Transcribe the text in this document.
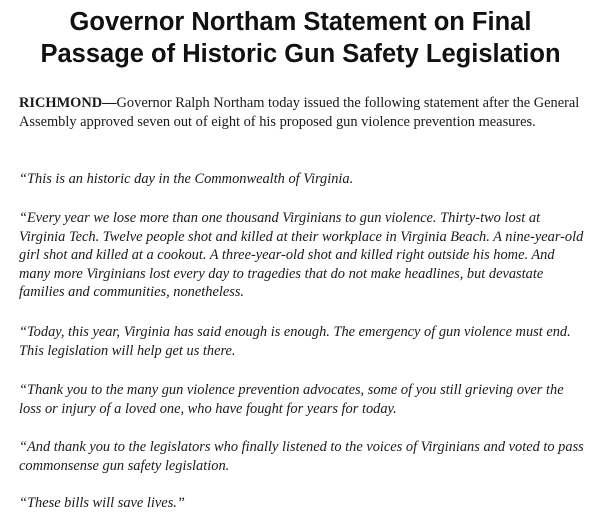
Governor Northam Statement on Final
Passage of Historic Gun Safety Legislation

RICHMOND—Governor Ralph Northam today issued the following statement after the General Assembly approved seven out of eight of his proposed gun violence prevention measures.

“This is an historic day in the Commonwealth of Virginia.

“Every year we lose more than one thousand Virginians to gun violence. Thirty-two lost at Virginia Tech. Twelve people shot and killed at their workplace in Virginia Beach. A nine-year-old girl shot and killed at a cookout. A three-year-old shot and killed right outside his home. And many more Virginians lost every day to tragedies that do not make headlines, but devastate families and communities, nonetheless.

“Today, this year, Virginia has said enough is enough. The emergency of gun violence must end. This legislation will help get us there.

“Thank you to the many gun violence prevention advocates, some of you still grieving over the loss or injury of a loved one, who have fought for years for today.

“And thank you to the legislators who finally listened to the voices of Virginians and voted to pass commonsense gun safety legislation.

“These bills will save lives.”
